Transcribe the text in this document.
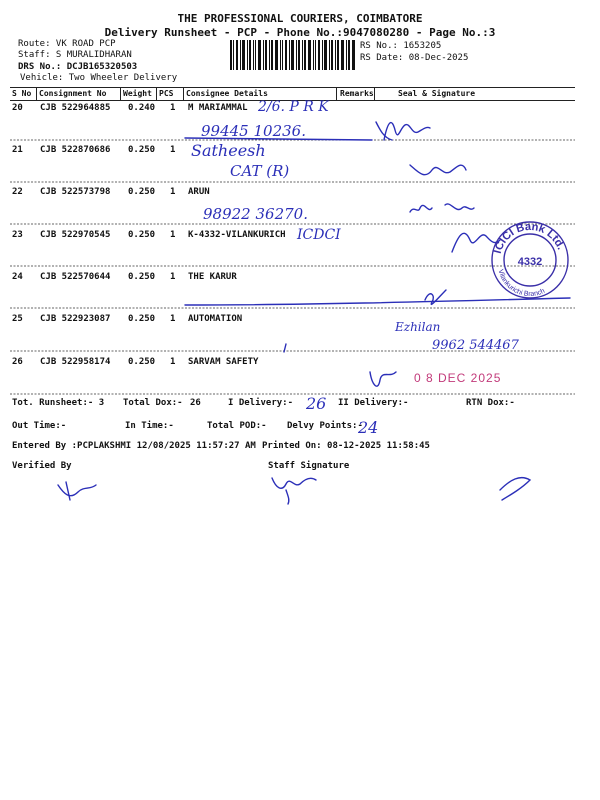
THE PROFESSIONAL COURIERS, COIMBATORE
Delivery Runsheet - PCP - Phone No.:9047080280 - Page No.:3
Route: VK ROAD PCP
Staff: S MURALIDHARAN
DRS No.: DCJB165320503
Vehicle: Two Wheeler Delivery
RS No.: 1653205
RS Date: 08-Dec-2025
S No Consignment No Weight PCS Consignee Details	Remarks	Seal & Signature
20 CJB 522964885 0.240 1 M MARIAMMAL
21 CJB 522870686 0.250 1
22 CJB 522573798 0.250 1 ARUN
23 CJB 522970545 0.250 1 K-4332-VILANKURICH
24 CJB 522570644 0.250 1 THE KARUR
25 CJB 522923087 0.250 1 AUTOMATION
26 CJB 522958174 0.250 1 SARVAM SAFETY
2/6. P R K
99445 10236.
Satheesh
CAT (R)
98922 36270.
ICDCI
Ezhilan
9962 544467
ICICI Bank Ltd.
Vilankurichi Branch
4332
0 8 DEC 2025
Tot. Runsheet:- 3 Total Dox:- 26	I Delivery:- 26 II Delivery:-	RTN Dox:-
Out Time:-	In Time:-	Total POD:- Delvy Points:-
24
Entered By :PCPLAKSHMI 12/08/2025 11:57:27 AM Printed On: 08-12-2025 11:58:45
Verified By	Staff Signature
